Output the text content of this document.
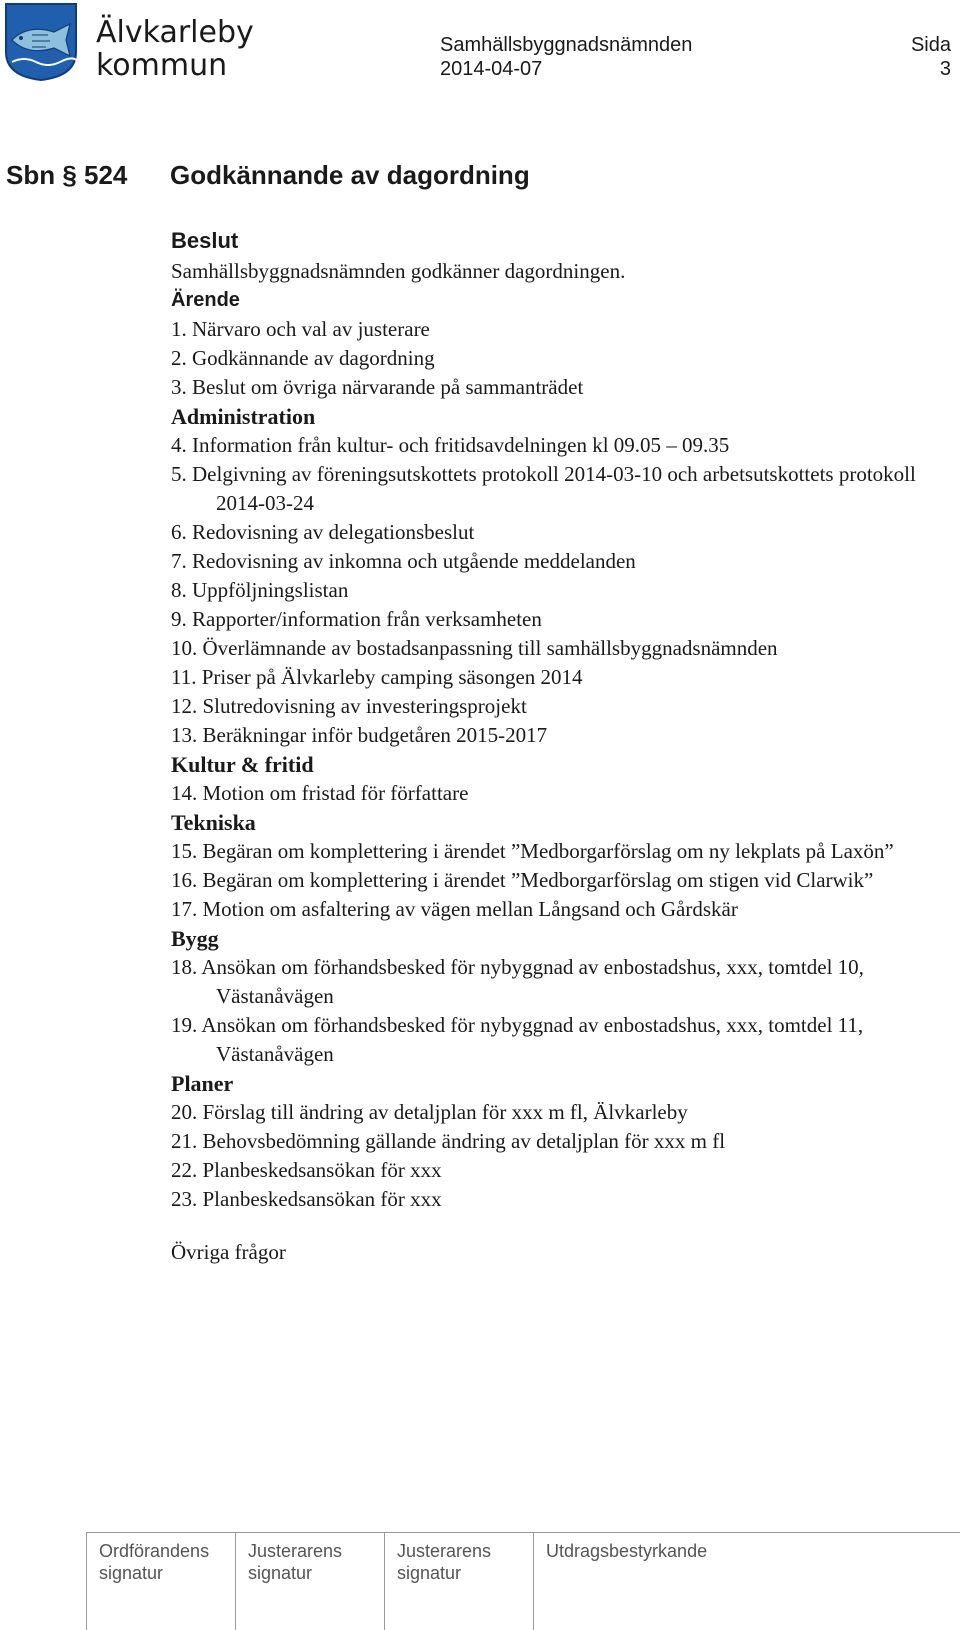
Älvkarleby
kommun
Samhällsbyggnadsnämnden
2014-04-07
Sida
3
Sbn § 524 Godkännande av dagordning
Beslut
Samhällsbyggnadsnämnden godkänner dagordningen.
Ärende
1. Närvaro och val av justerare
2. Godkännande av dagordning
3. Beslut om övriga närvarande på sammanträdet
Administration
4. Information från kultur- och fritidsavdelningen kl 09.05 – 09.35
5. Delgivning av föreningsutskottets protokoll 2014-03-10 och arbetsutskottets protokoll 2014-03-24
6. Redovisning av delegationsbeslut
7. Redovisning av inkomna och utgående meddelanden
8. Uppföljningslistan
9. Rapporter/information från verksamheten
10. Överlämnande av bostadsanpassning till samhällsbyggnadsnämnden
11. Priser på Älvkarleby camping säsongen 2014
12. Slutredovisning av investeringsprojekt
13. Beräkningar inför budgetåren 2015-2017
Kultur & fritid
14. Motion om fristad för författare
Tekniska
15. Begäran om komplettering i ärendet ”Medborgarförslag om ny lekplats på Laxön”
16. Begäran om komplettering i ärendet ”Medborgarförslag om stigen vid Clarwik”
17. Motion om asfaltering av vägen mellan Långsand och Gårdskär
Bygg
18. Ansökan om förhandsbesked för nybyggnad av enbostadshus, xxx, tomtdel 10, Västanåvägen
19. Ansökan om förhandsbesked för nybyggnad av enbostadshus, xxx, tomtdel 11, Västanåvägen
Planer
20. Förslag till ändring av detaljplan för xxx m fl, Älvkarleby
21. Behovsbedömning gällande ändring av detaljplan för xxx m fl
22. Planbeskedsansökan för xxx
23. Planbeskedsansökan för xxx
Övriga frågor
Ordförandens
signatur
Justerarens
signatur
Justerarens
signatur
Utdragsbestyrkande
